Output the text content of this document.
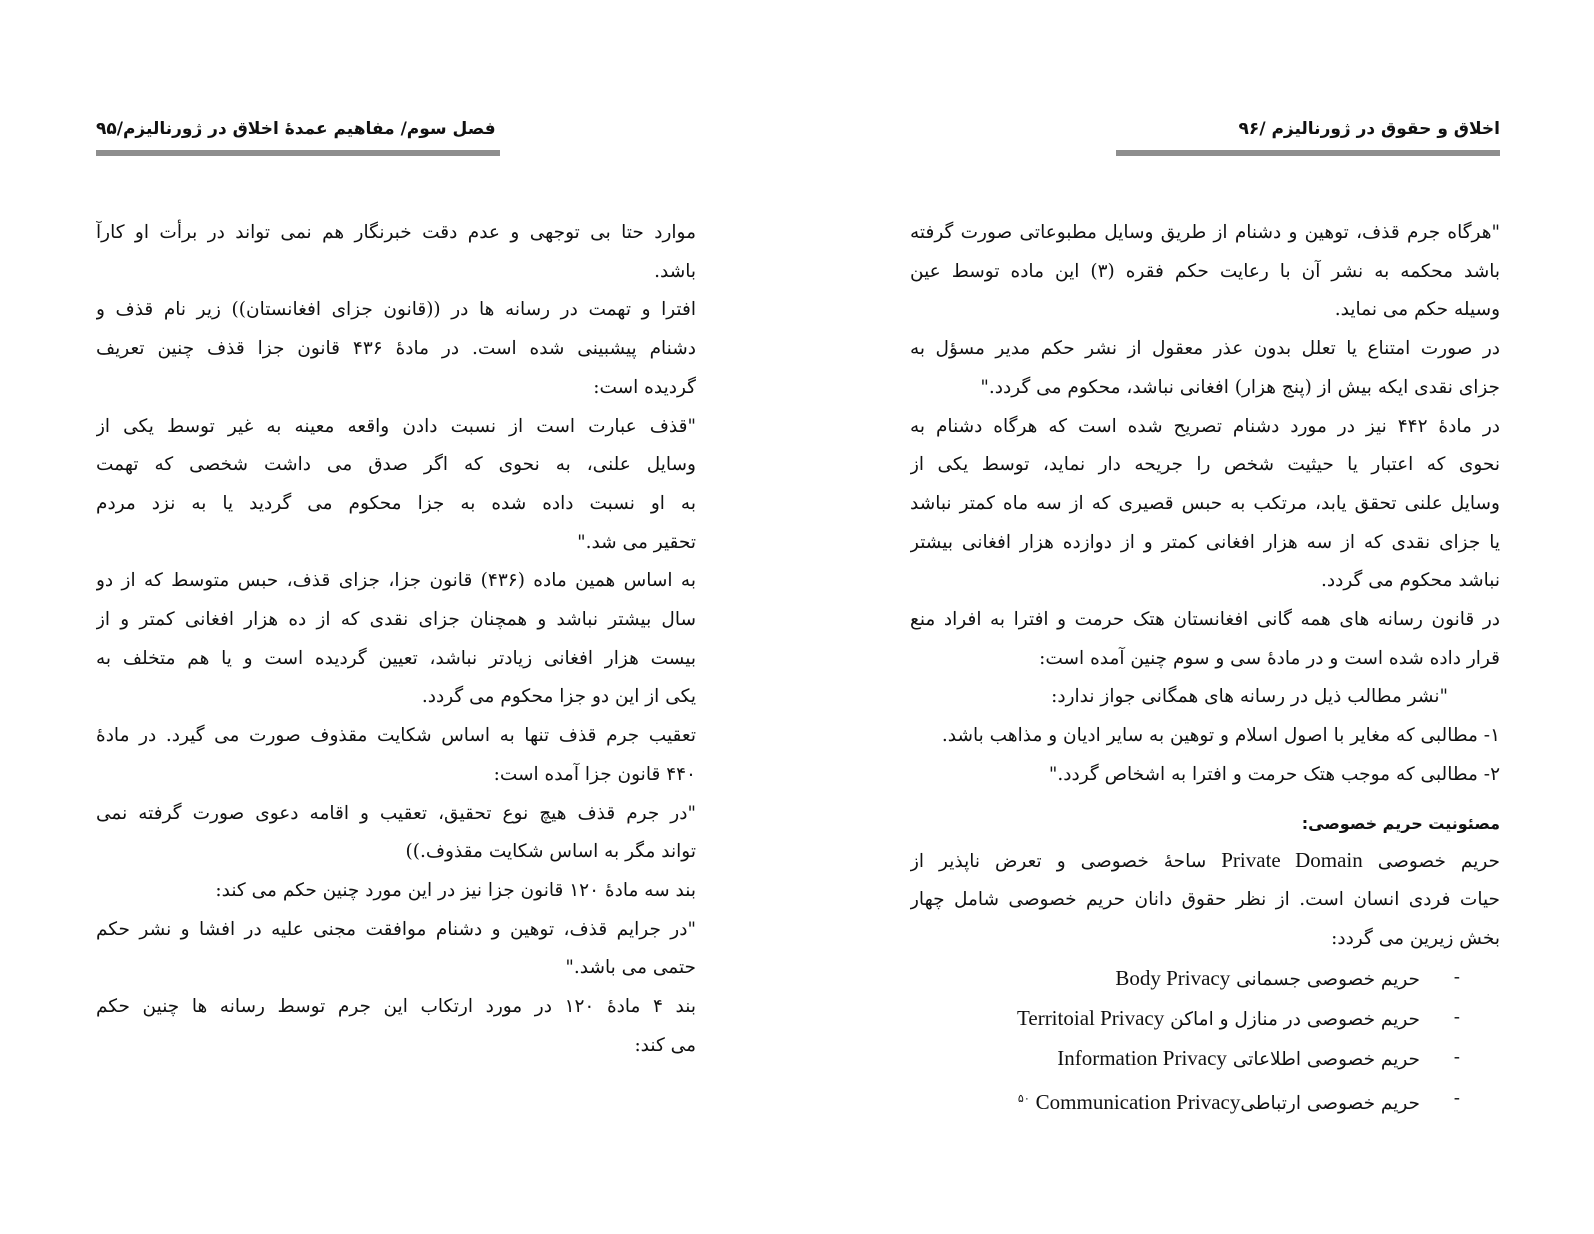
فصل سوم/ مفاهیم عمدۀ اخلاق در ژورنالیزم/۹۵
موارد حتا بی توجهی و عدم دقت خبرنگار هم نمی تواند در برأت او کارآ
باشد.
افترا و تهمت در رسانه ها در ((قانون جزای افغانستان)) زیر نام قذف و
دشنام پیشبینی شده است. در مادۀ ۴۳۶ قانون جزا قذف چنین تعریف
گردیده است:
"قذف عبارت است از نسبت دادن واقعه معینه به غیر توسط یکی از
وسایل علنی، به نحوی که اگر صدق می داشت شخصی که تهمت
به او نسبت داده شده به جزا محکوم می گردید یا به نزد مردم
تحقیر می شد."
به اساس همین ماده (۴۳۶) قانون جزا، جزای قذف، حبس متوسط که از دو
سال بیشتر نباشد و همچنان جزای نقدی که از ده هزار افغانی کمتر و از
بیست هزار افغانی زیادتر نباشد، تعیین گردیده است و یا هم متخلف به
یکی از این دو جزا محکوم می گردد.
تعقیب جرم قذف تنها به اساس شکایت مقذوف صورت می گیرد. در مادۀ
۴۴۰ قانون جزا آمده است:
"در جرم قذف هیچ نوع تحقیق، تعقیب و اقامه دعوی صورت گرفته نمی
تواند مگر به اساس شکایت مقذوف.))
بند سه مادۀ ۱۲۰ قانون جزا نیز در این مورد چنین حکم می کند:
"در جرایم قذف، توهین و دشنام موافقت مجنی علیه در افشا و نشر حکم
حتمی می باشد."
بند ۴ مادۀ ۱۲۰ در مورد ارتکاب این جرم توسط رسانه ها چنین حکم
می کند:
اخلاق و حقوق در ژورنالیزم /۹۶
"هرگاه جرم قذف، توهین و دشنام از طریق وسایل مطبوعاتی صورت گرفته
باشد محکمه به نشر آن با رعایت حکم فقره (۳) این ماده توسط عین
وسیله حکم می نماید.
در صورت امتناع یا تعلل بدون عذر معقول از نشر حکم مدیر مسؤل به
جزای نقدی ایکه بیش از (پنج هزار) افغانی نباشد، محکوم می گردد."
در مادۀ ۴۴۲ نیز در مورد دشنام تصریح شده است که هرگاه دشنام به
نحوی که اعتبار یا حیثیت شخص را جریحه دار نماید، توسط یکی از
وسایل علنی تحقق یابد، مرتکب به حبس قصیری که از سه ماه کمتر نباشد
یا جزای نقدی که از سه هزار افغانی کمتر و از دوازده هزار افغانی بیشتر
نباشد محکوم می گردد.
در قانون رسانه های همه گانی افغانستان هتک حرمت و افترا به افراد منع
قرار داده شده است و در مادۀ سی و سوم چنین آمده است:
"نشر مطالب ذیل در رسانه های همگانی جواز ندارد:
۱- مطالبی که مغایر با اصول اسلام و توهین به سایر ادیان و مذاهب باشد.
۲- مطالبی که موجب هتک حرمت و افترا به اشخاص گردد."
مصئونیت حریم خصوصی:
حریم خصوصی Private Domain ساحۀ خصوصی و تعرض ناپذیر از
حیات فردی انسان است. از نظر حقوق دانان حریم خصوصی شامل چهار
بخش زیرین می گردد:
-
حریم خصوصی جسمانی Body Privacy
-
حریم خصوصی در منازل و اماکن Territoial Privacy
-
حریم خصوصی اطلاعاتی Information Privacy
-
حریم خصوصی ارتباطیCommunication Privacy $^{۵۰}$
